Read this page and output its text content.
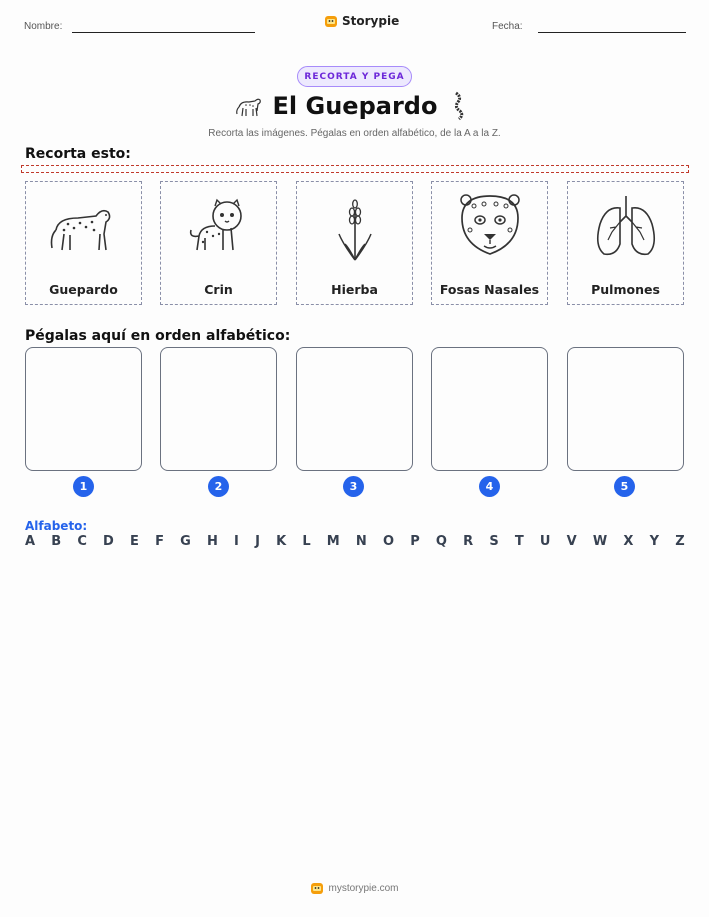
Nombre:	Storypie	Fecha:
RECORTA Y PEGA
El Guepardo
Recorta las imágenes. Pégalas en orden alfabético, de la A a la Z.
Recorta esto:
Guepardo	Crin	Hierba	Fosas Nasales	Pulmones
Pégalas aquí en orden alfabético:
1	2	3	4	5
Alfabeto:
A B C D E F G H I J K L M N O P Q R S T U V W X Y Z
mystorypie.com
